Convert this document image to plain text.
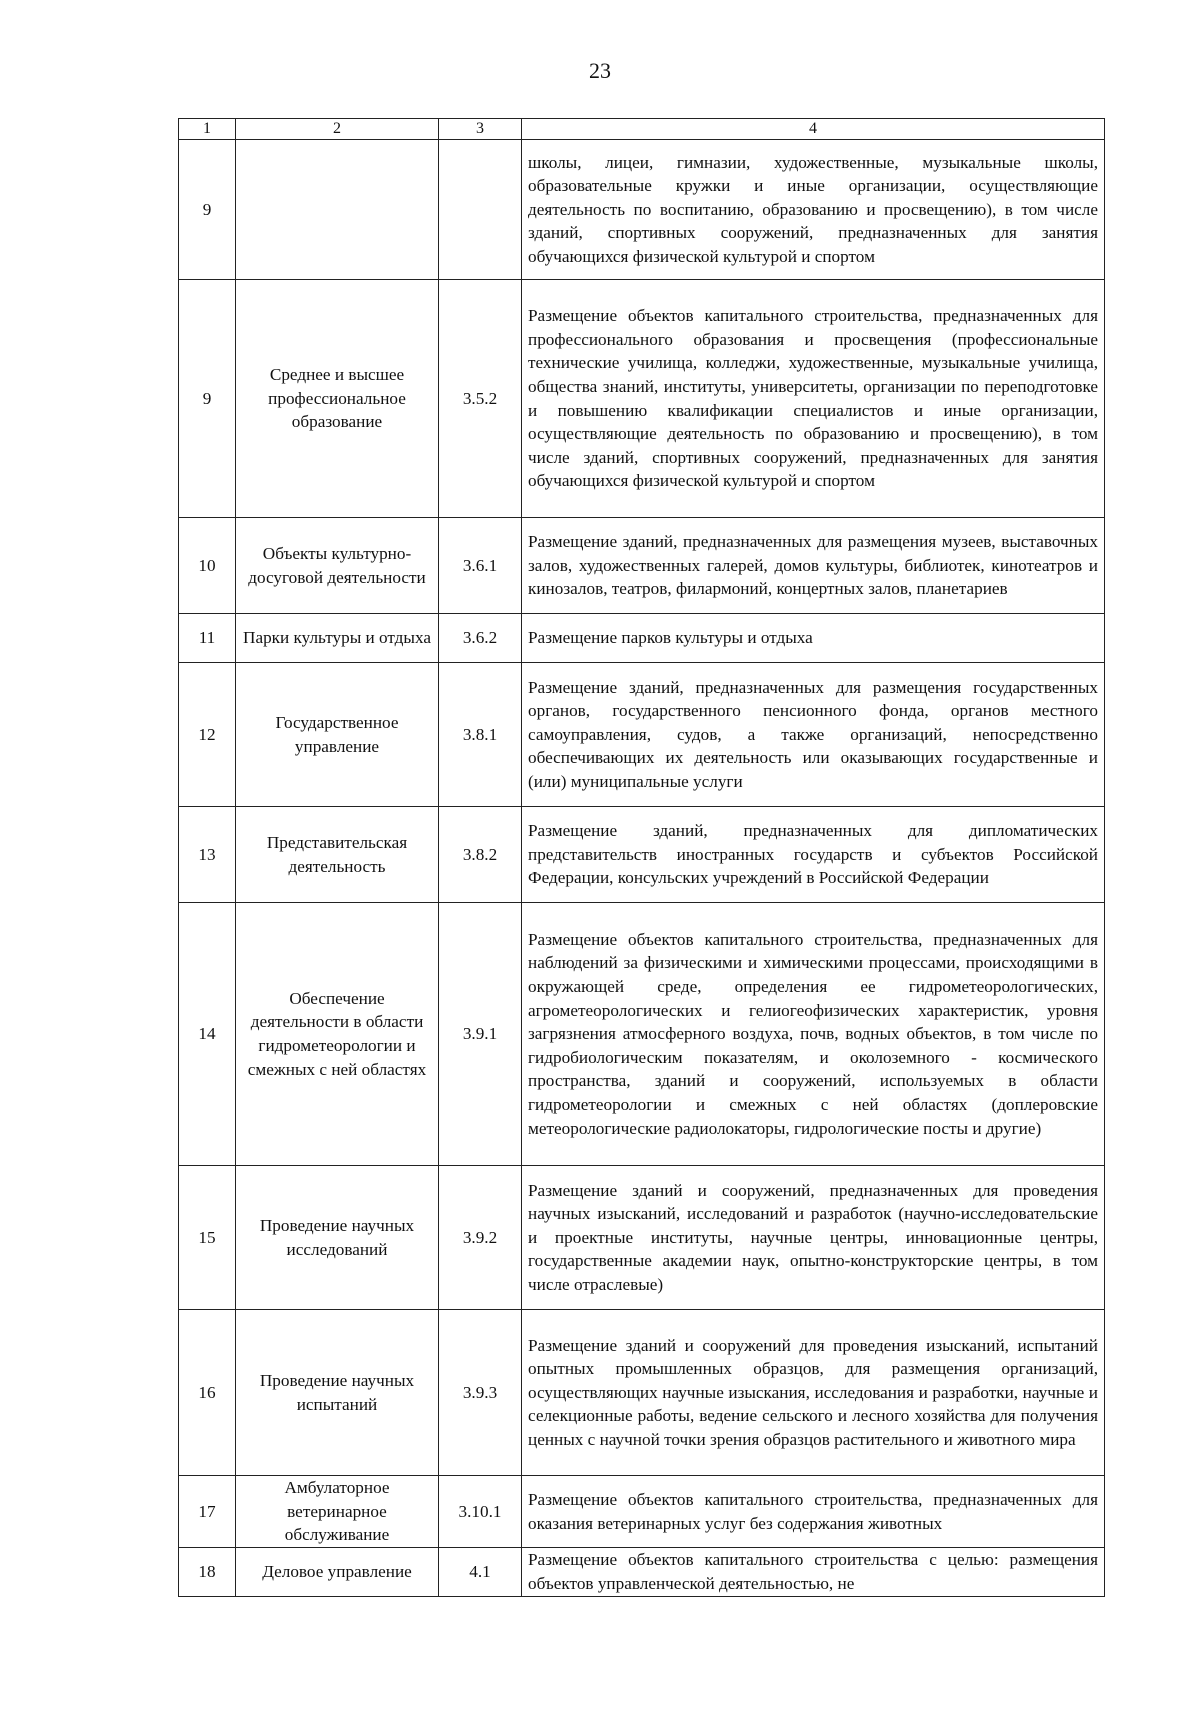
23
1	2	3	4
9			школы, лицеи, гимназии, художественные, музыкальные школы, образовательные кружки и иные организации, осуществляющие деятельность по воспитанию, образованию и просвещению), в том числе зданий, спортивных сооружений, предназначенных для занятия обучающихся физической культурой и спортом
9	Среднее и высшее профессиональное образование	3.5.2	Размещение объектов капитального строительства, предназначенных для профессионального образования и просвещения (профессиональные технические училища, колледжи, художественные, музыкальные училища, общества знаний, институты, университеты, организации по переподготовке и повышению квалификации специалистов и иные организации, осуществляющие деятельность по образованию и просвещению), в том числе зданий, спортивных сооружений, предназначенных для занятия обучающихся физической культурой и спортом
10	Объекты культурно-досуговой деятельности	3.6.1	Размещение зданий, предназначенных для размещения музеев, выставочных залов, художественных галерей, домов культуры, библиотек, кинотеатров и кинозалов, театров, филармоний, концертных залов, планетариев
11	Парки культуры и отдыха	3.6.2	Размещение парков культуры и отдыха
12	Государственное управление	3.8.1	Размещение зданий, предназначенных для размещения государственных органов, государственного пенсионного фонда, органов местного самоуправления, судов, а также организаций, непосредственно обеспечивающих их деятельность или оказывающих государственные и (или) муниципальные услуги
13	Представительская деятельность	3.8.2	Размещение зданий, предназначенных для дипломатических представительств иностранных государств и субъектов Российской Федерации, консульских учреждений в Российской Федерации
14	Обеспечение деятельности в области гидрометеорологии и смежных с ней областях	3.9.1	Размещение объектов капитального строительства, предназначенных для наблюдений за физическими и химическими процессами, происходящими в окружающей среде, определения ее гидрометеорологических, агрометеорологических и гелиогеофизических характеристик, уровня загрязнения атмосферного воздуха, почв, водных объектов, в том числе по гидробиологическим показателям, и околоземного - космического пространства, зданий и сооружений, используемых в области гидрометеорологии и смежных с ней областях (доплеровские метеорологические радиолокаторы, гидрологические посты и другие)
15	Проведение научных исследований	3.9.2	Размещение зданий и сооружений, предназначенных для проведения научных изысканий, исследований и разработок (научно-исследовательские и проектные институты, научные центры, инновационные центры, государственные академии наук, опытно-конструкторские центры, в том числе отраслевые)
16	Проведение научных испытаний	3.9.3	Размещение зданий и сооружений для проведения изысканий, испытаний опытных промышленных образцов, для размещения организаций, осуществляющих научные изыскания, исследования и разработки, научные и селекционные работы, ведение сельского и лесного хозяйства для получения ценных с научной точки зрения образцов растительного и животного мира
17	Амбулаторное ветеринарное обслуживание	3.10.1	Размещение объектов капитального строительства, предназначенных для оказания ветеринарных услуг без содержания животных
18	Деловое управление	4.1	Размещение объектов капитального строительства с целью: размещения объектов управленческой деятельностью, не
